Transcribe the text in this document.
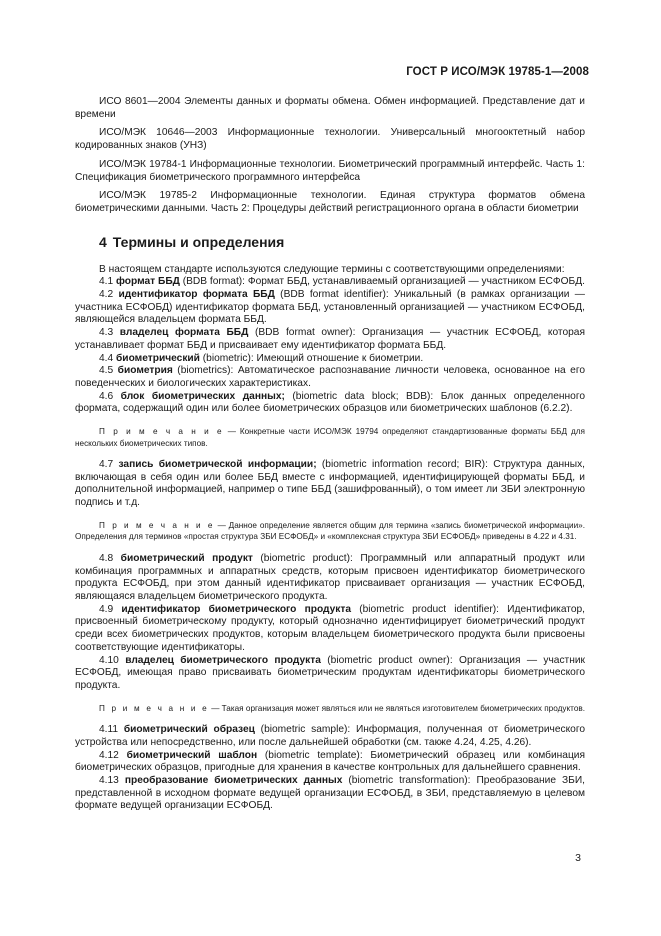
ГОСТ Р ИСО/МЭК 19785-1—2008

ИСО 8601—2004 Элементы данных и форматы обмена. Обмен информацией. Представление дат и времени

ИСО/МЭК 10646—2003 Информационные технологии. Универсальный многооктетный набор кодированных знаков (УНЗ)

ИСО/МЭК 19784-1 Информационные технологии. Биометрический программный интерфейс. Часть 1: Спецификация биометрического программного интерфейса

ИСО/МЭК 19785-2 Информационные технологии. Единая структура форматов обмена биометрическими данными. Часть 2: Процедуры действий регистрационного органа в области биометрии

4 Термины и определения

В настоящем стандарте используются следующие термины с соответствующими определениями:

4.1 формат ББД (BDB format): Формат ББД, устанавливаемый организацией — участником ЕСФОБД.

4.2 идентификатор формата ББД (BDB format identifier): Уникальный (в рамках организации — участника ЕСФОБД) идентификатор формата ББД, установленный организацией — участником ЕСФОБД, являющейся владельцем формата ББД.

4.3 владелец формата ББД (BDB format owner): Организация — участник ЕСФОБД, которая устанавливает формат ББД и присваивает ему идентификатор формата ББД.

4.4 биометрический (biometric): Имеющий отношение к биометрии.

4.5 биометрия (biometrics): Автоматическое распознавание личности человека, основанное на его поведенческих и биологических характеристиках.

4.6 блок биометрических данных; (biometric data block; BDB): Блок данных определенного формата, содержащий один или более биометрических образцов или биометрических шаблонов (6.2.2).

П р и м е ч а н и е — Конкретные части ИСО/МЭК 19794 определяют стандартизованные форматы ББД для нескольких биометрических типов.

4.7 запись биометрической информации; (biometric information record; BIR): Структура данных, включающая в себя один или более ББД вместе с информацией, идентифицирующей форматы ББД, и дополнительной информацией, например о типе ББД (зашифрованный), о том имеет ли ЗБИ электронную подпись и т.д.

П р и м е ч а н и е — Данное определение является общим для термина «запись биометрической информации». Определения для терминов «простая структура ЗБИ ЕСФОБД» и «комплексная структура ЗБИ ЕСФОБД» приведены в 4.22 и 4.31.

4.8 биометрический продукт (biometric product): Программный или аппаратный продукт или комбинация программных и аппаратных средств, которым присвоен идентификатор биометрического продукта ЕСФОБД, при этом данный идентификатор присваивает организация — участник ЕСФОБД, являющаяся владельцем биометрического продукта.

4.9 идентификатор биометрического продукта (biometric product identifier): Идентификатор, присвоенный биометрическому продукту, который однозначно идентифицирует биометрический продукт среди всех биометрических продуктов, которым владельцем биометрического продукта были присвоены соответствующие идентификаторы.

4.10 владелец биометрического продукта (biometric product owner): Организация — участник ЕСФОБД, имеющая право присваивать биометрическим продуктам идентификаторы биометрического продукта.

П р и м е ч а н и е — Такая организация может являться или не являться изготовителем биометрических продуктов.

4.11 биометрический образец (biometric sample): Информация, полученная от биометрического устройства или непосредственно, или после дальнейшей обработки (см. также 4.24, 4.25, 4.26).

4.12 биометрический шаблон (biometric template): Биометрический образец или комбинация биометрических образцов, пригодные для хранения в качестве контрольных для дальнейшего сравнения.

4.13 преобразование биометрических данных (biometric transformation): Преобразование ЗБИ, представленной в исходном формате ведущей организации ЕСФОБД, в ЗБИ, представляемую в целевом формате ведущей организации ЕСФОБД.

3
